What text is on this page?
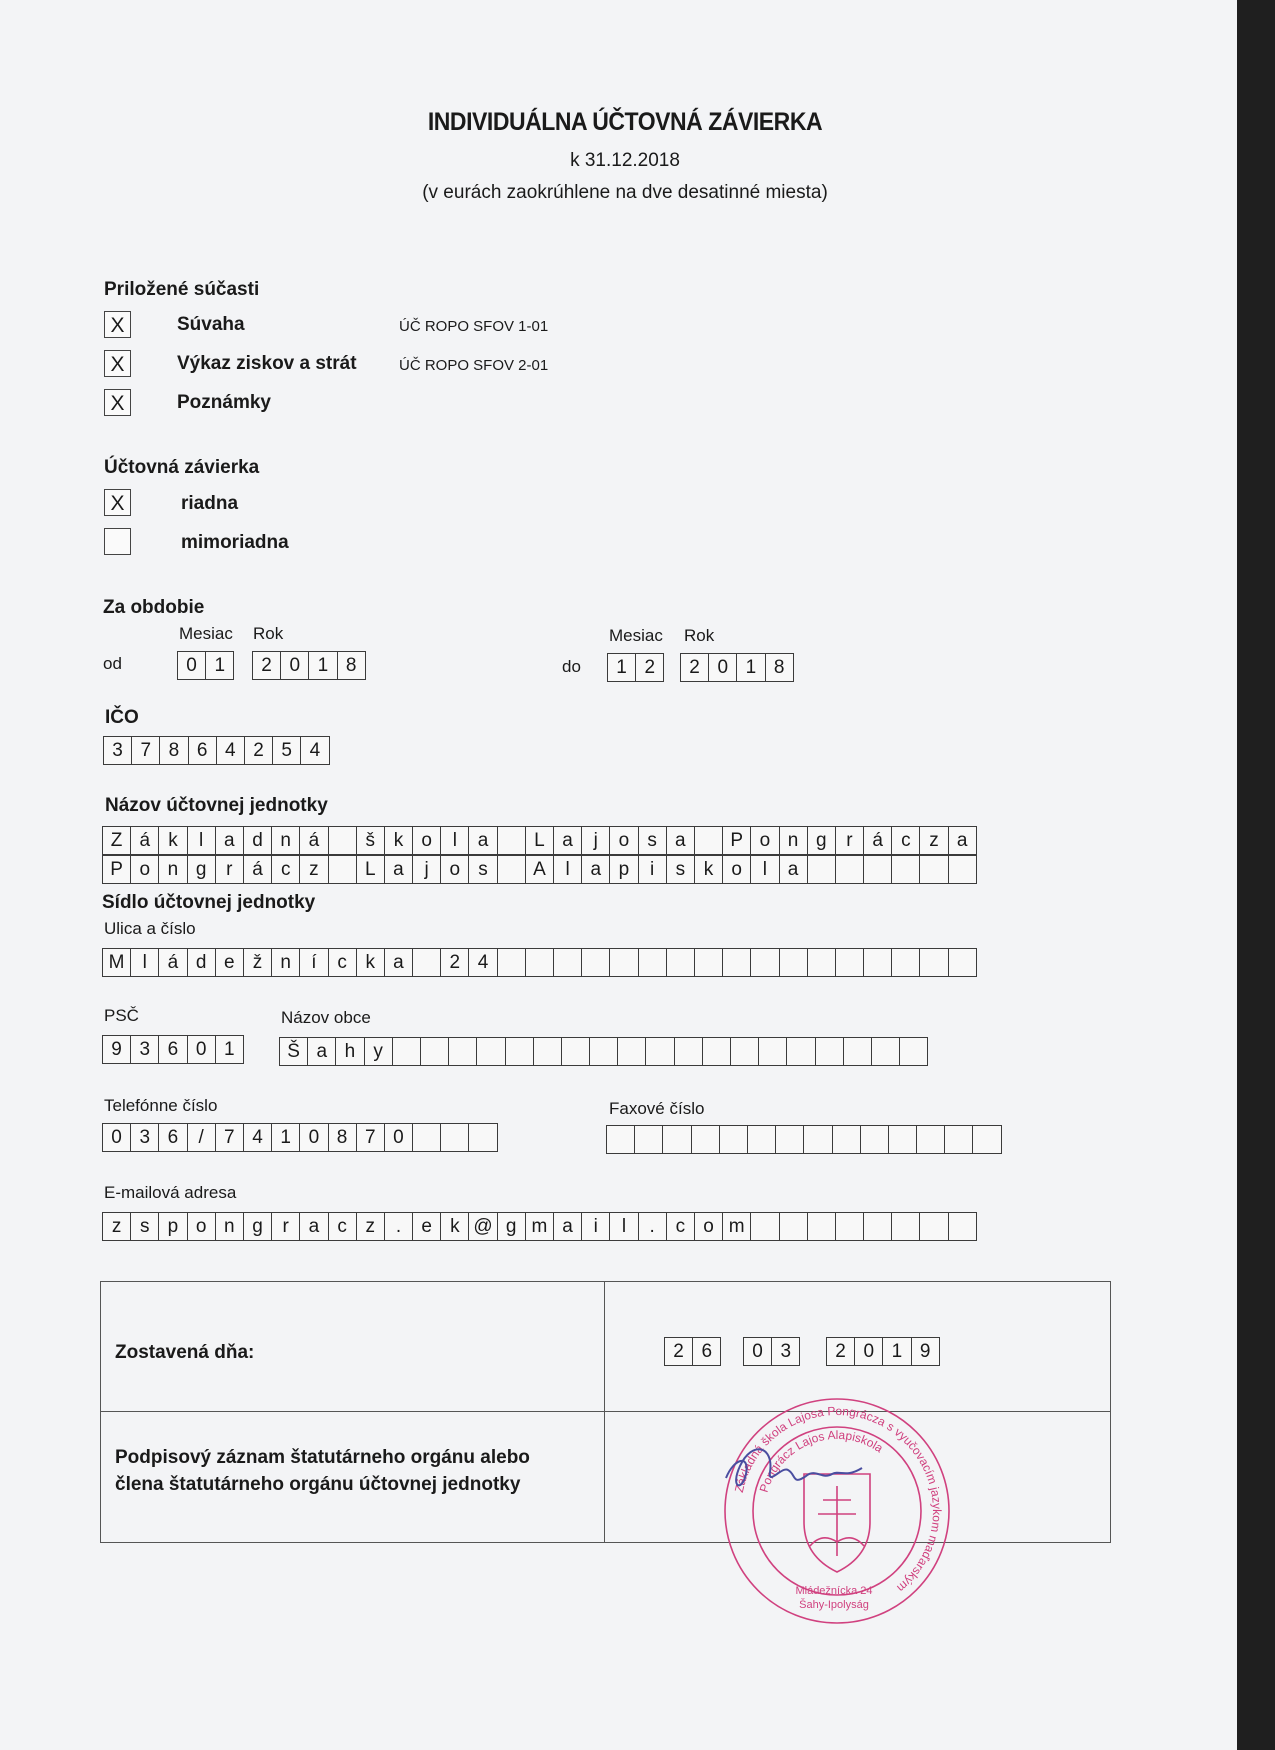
INDIVIDUÁLNA ÚČTOVNÁ ZÁVIERKA
k 31.12.2018
(v eurách zaokrúhlene na dve desatinné miesta)
Priložené súčasti
X	Súvaha	ÚČ ROPO SFOV 1-01
X	Výkaz ziskov a strát	ÚČ ROPO SFOV 2-01
X	Poznámky
Účtovná závierka
X	riadna
mimoriadna
Za obdobie
Mesiac Rok
od	0 1	2 0 1 8
Mesiac Rok
do	1 2	2 0 1 8
IČO
3 7 8 6 4 2 5 4
Názov účtovnej jednotky
Z á k	l	a d n á	š k o	l	a	L a	j	o s a	P o n g	r	á c z a
P o n g	r	á c z	L a	j	o s	A	l	a p	i	s k o	l	a
Sídlo účtovnej jednotky
Ulica a číslo
M l	á d e ž n	í	c k a	2 4
PSČ
9 3 6 0 1
Názov obce
Š a h y
Telefónne číslo
0 3 6	/	7 4 1 0 8 7 0
Faxové číslo
E-mailová adresa
z s p o n g	r	a c z	.	e k @ g m a	i	l	.	c o m
Zostavená dňa:	2 6	0 3	2 0 1 9
Podpisový záznam štatutárneho orgánu alebo
člena štatutárneho orgánu účtovnej jednotky	Základná škola Lajosa Pongrácza s vyučovacím jazykom maďarským
Pongrácz Lajos Alapiskola
Mládežnícka 24
Šahy-Ipolyság
